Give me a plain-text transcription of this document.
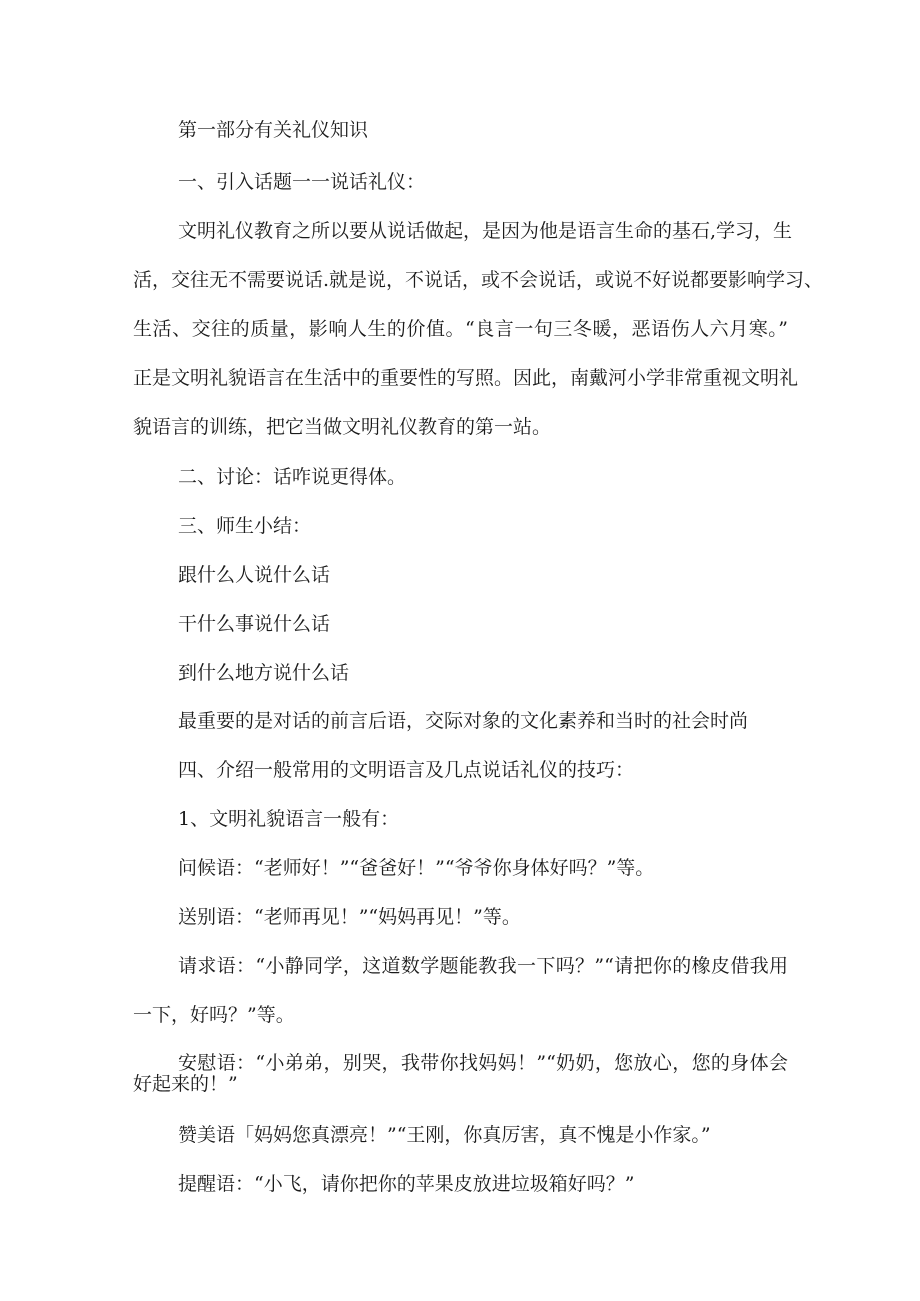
第一部分有关礼仪知识
一、引入话题一一说话礼仪：
文明礼仪教育之所以要从说话做起，是因为他是语言生命的基石,学习，生
活，交往无不需要说话.就是说，不说话，或不会说话，或说不好说都要影响学习、
生活、交往的质量，影响人生的价值。“良言一句三冬暖，恶语伤人六月寒。”
正是文明礼貌语言在生活中的重要性的写照。因此，南戴河小学非常重视文明礼
貌语言的训练，把它当做文明礼仪教育的第一站。
二、讨论：话咋说更得体。
三、师生小结：
跟什么人说什么话
干什么事说什么话
到什么地方说什么话
最重要的是对话的前言后语，交际对象的文化素养和当时的社会时尚
四、介绍一般常用的文明语言及几点说话礼仪的技巧：
1、文明礼貌语言一般有：
问候语：“老师好！”“爸爸好！”“爷爷你身体好吗？”等。
送别语：“老师再见！”“妈妈再见！”等。
请求语：“小静同学，这道数学题能教我一下吗？”“请把你的橡皮借我用
一下，好吗？”等。
安慰语：“小弟弟，别哭，我带你找妈妈！”“奶奶，您放心，您的身体会
好起来的！”
赞美语「妈妈您真漂亮！”“王刚，你真厉害，真不愧是小作家。”
提醒语：“小飞，请你把你的苹果皮放进垃圾箱好吗？”
